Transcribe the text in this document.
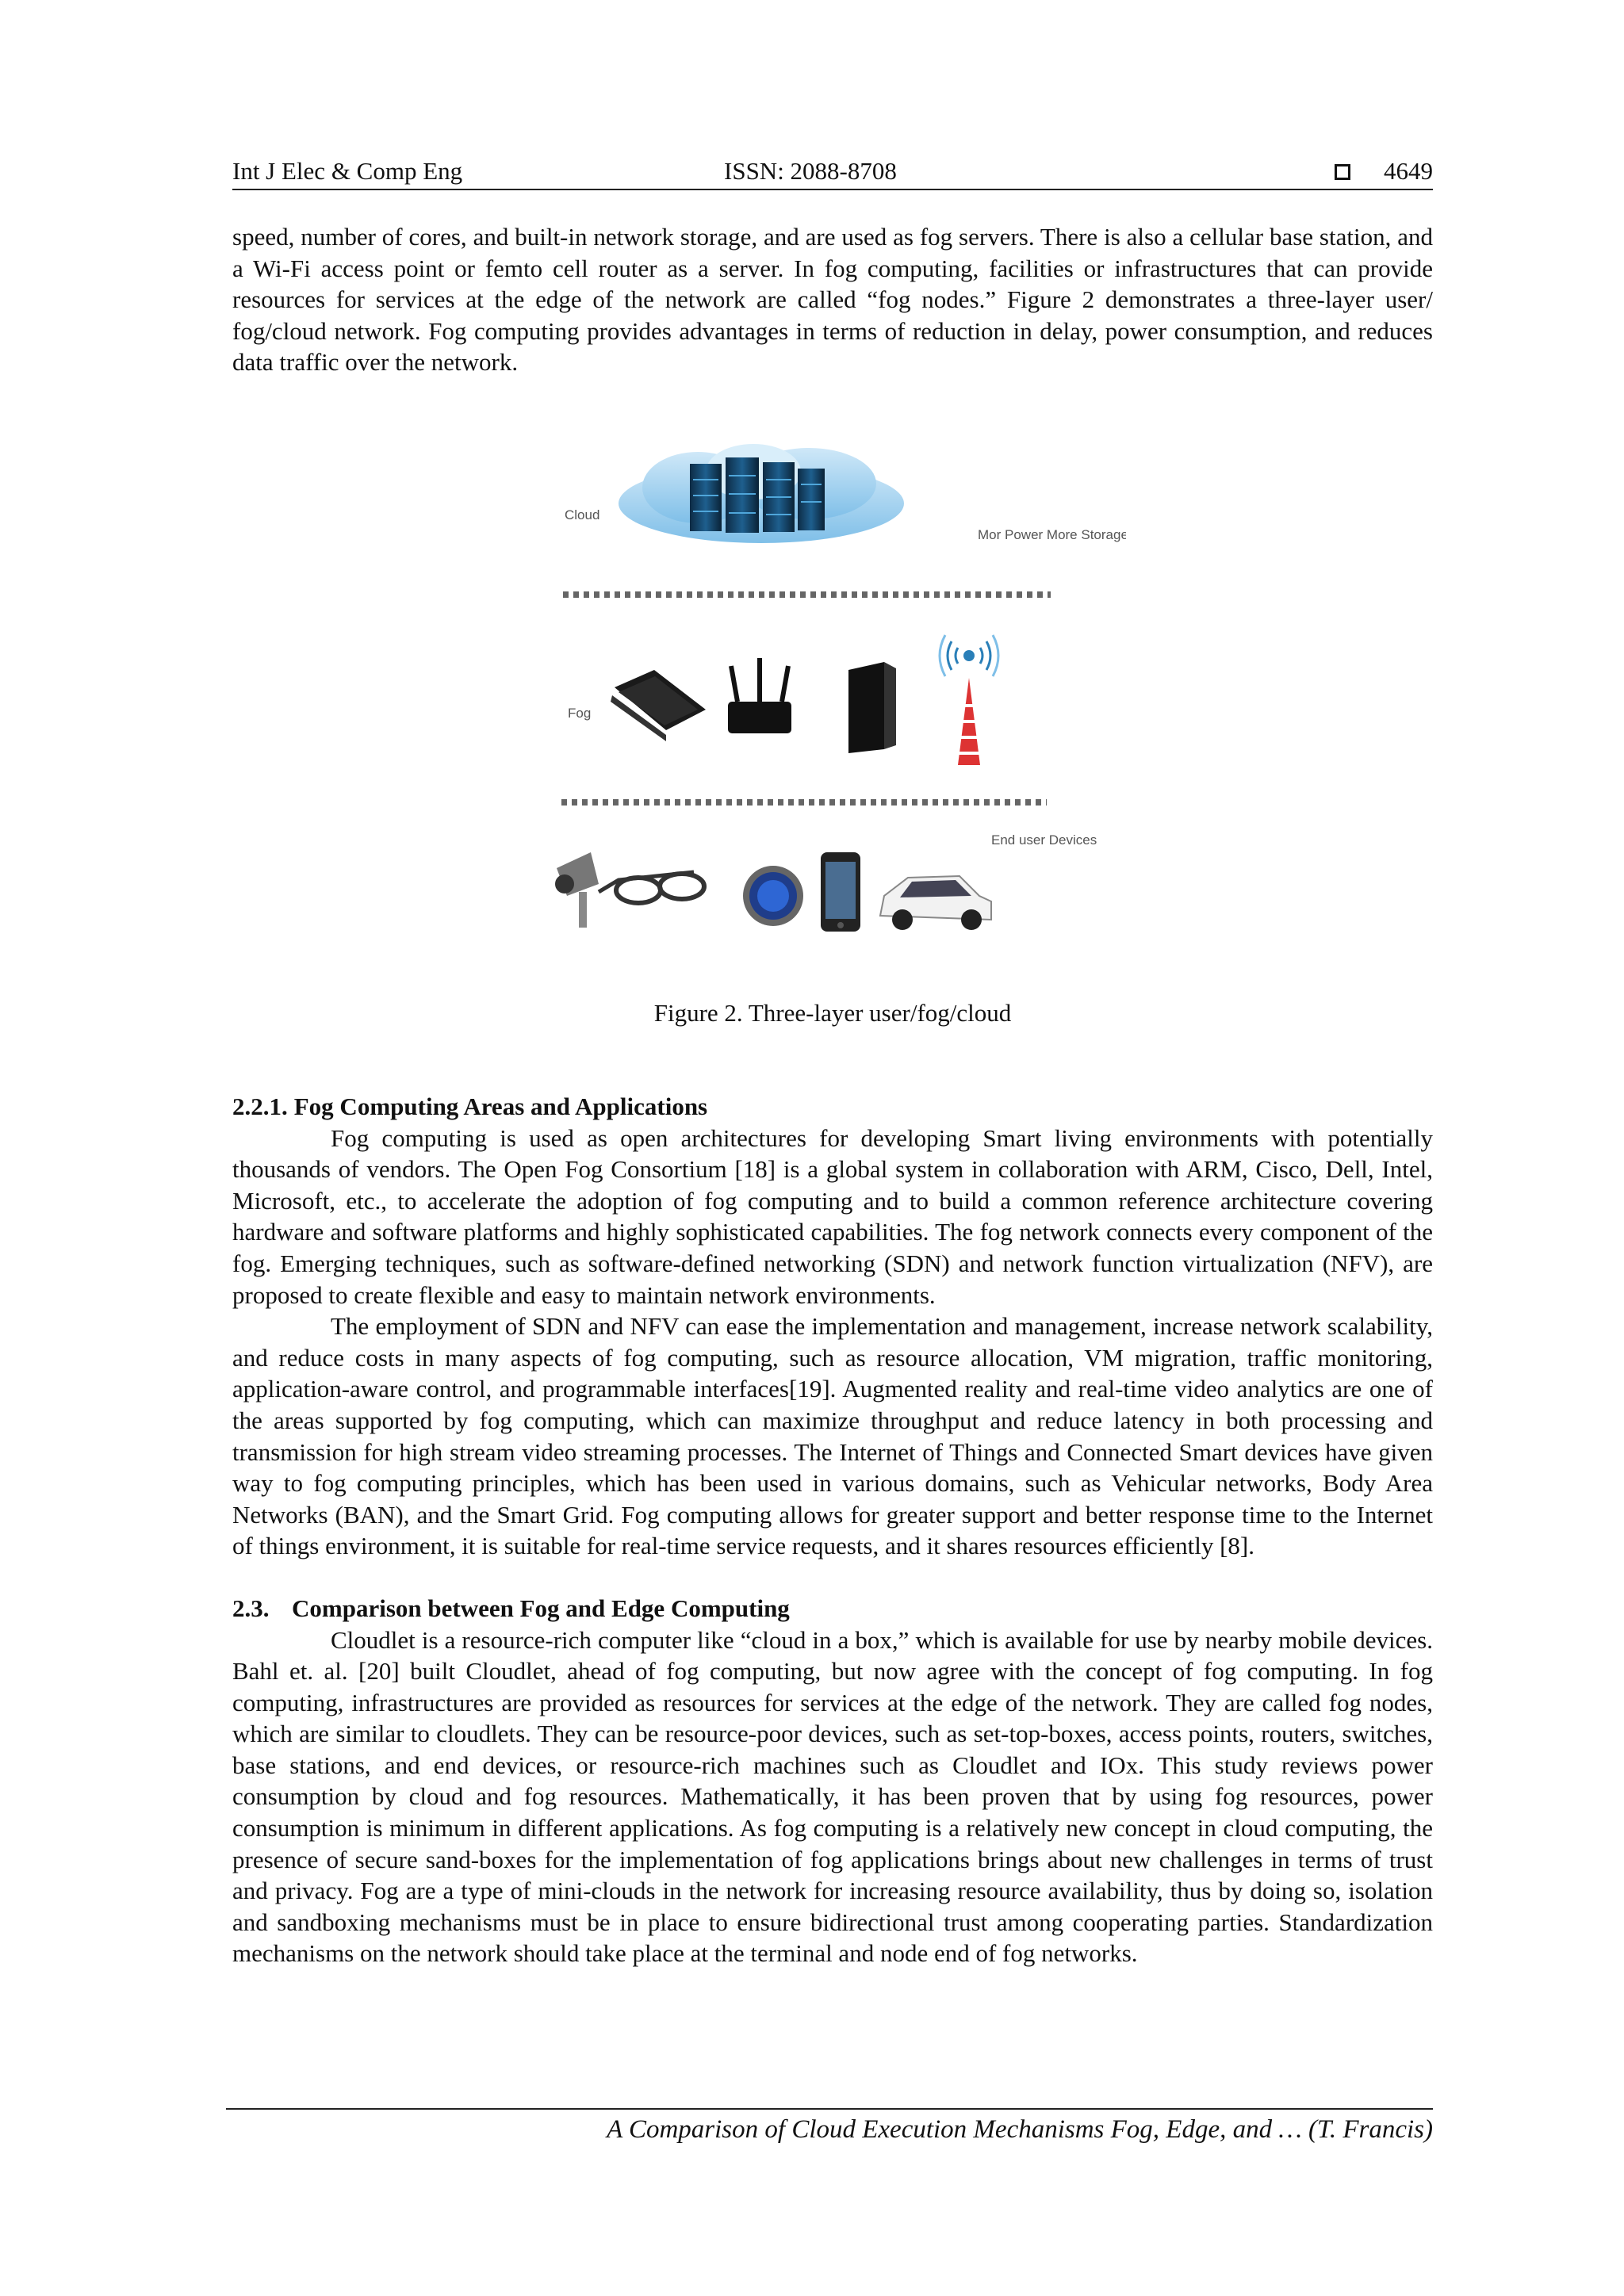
Int J Elec & Comp Eng	ISSN: 2088-8708	4649

speed, number of cores, and built-in network storage, and are used as fog servers. There is also a cellular base station, and a Wi-Fi access point or femto cell router as a server. In fog computing, facilities or infrastructures that can provide resources for services at the edge of the network are called “fog nodes.” Figure 2 demonstrates a three-layer user/ fog/cloud network. Fog computing provides advantages in terms of reduction in delay, power consumption, and reduces data traffic over the network.

Cloud
Mor Power More Storage
Fog
End user Devices
Figure 2. Three-layer user/fog/cloud

2.2.1. Fog Computing Areas and Applications

Fog computing is used as open architectures for developing Smart living environments with potentially thousands of vendors. The Open Fog Consortium [18] is a global system in collaboration with ARM, Cisco, Dell, Intel, Microsoft, etc., to accelerate the adoption of fog computing and to build a common reference architecture covering hardware and software platforms and highly sophisticated capabilities. The fog network connects every component of the fog. Emerging techniques, such as software-defined networking (SDN) and network function virtualization (NFV), are proposed to create flexible and easy to maintain network environments.

The employment of SDN and NFV can ease the implementation and management, increase network scalability, and reduce costs in many aspects of fog computing, such as resource allocation, VM migration, traffic monitoring, application-aware control, and programmable interfaces[19]. Augmented reality and real-time video analytics are one of the areas supported by fog computing, which can maximize throughput and reduce latency in both processing and transmission for high stream video streaming processes. The Internet of Things and Connected Smart devices have given way to fog computing principles, which has been used in various domains, such as Vehicular networks, Body Area Networks (BAN), and the Smart Grid. Fog computing allows for greater support and better response time to the Internet of things environment, it is suitable for real-time service requests, and it shares resources efficiently [8].

2.3. Comparison between Fog and Edge Computing

Cloudlet is a resource-rich computer like “cloud in a box,” which is available for use by nearby mobile devices. Bahl et. al. [20] built Cloudlet, ahead of fog computing, but now agree with the concept of fog computing. In fog computing, infrastructures are provided as resources for services at the edge of the network. They are called fog nodes, which are similar to cloudlets. They can be resource-poor devices, such as set-top-boxes, access points, routers, switches, base stations, and end devices, or resource-rich machines such as Cloudlet and IOx. This study reviews power consumption by cloud and fog resources. Mathematically, it has been proven that by using fog resources, power consumption is minimum in different applications. As fog computing is a relatively new concept in cloud computing, the presence of secure sand-boxes for the implementation of fog applications brings about new challenges in terms of trust and privacy. Fog are a type of mini-clouds in the network for increasing resource availability, thus by doing so, isolation and sandboxing mechanisms must be in place to ensure bidirectional trust among cooperating parties. Standardization mechanisms on the network should take place at the terminal and node end of fog networks.

A Comparison of Cloud Execution Mechanisms Fog, Edge, and … (T. Francis)
